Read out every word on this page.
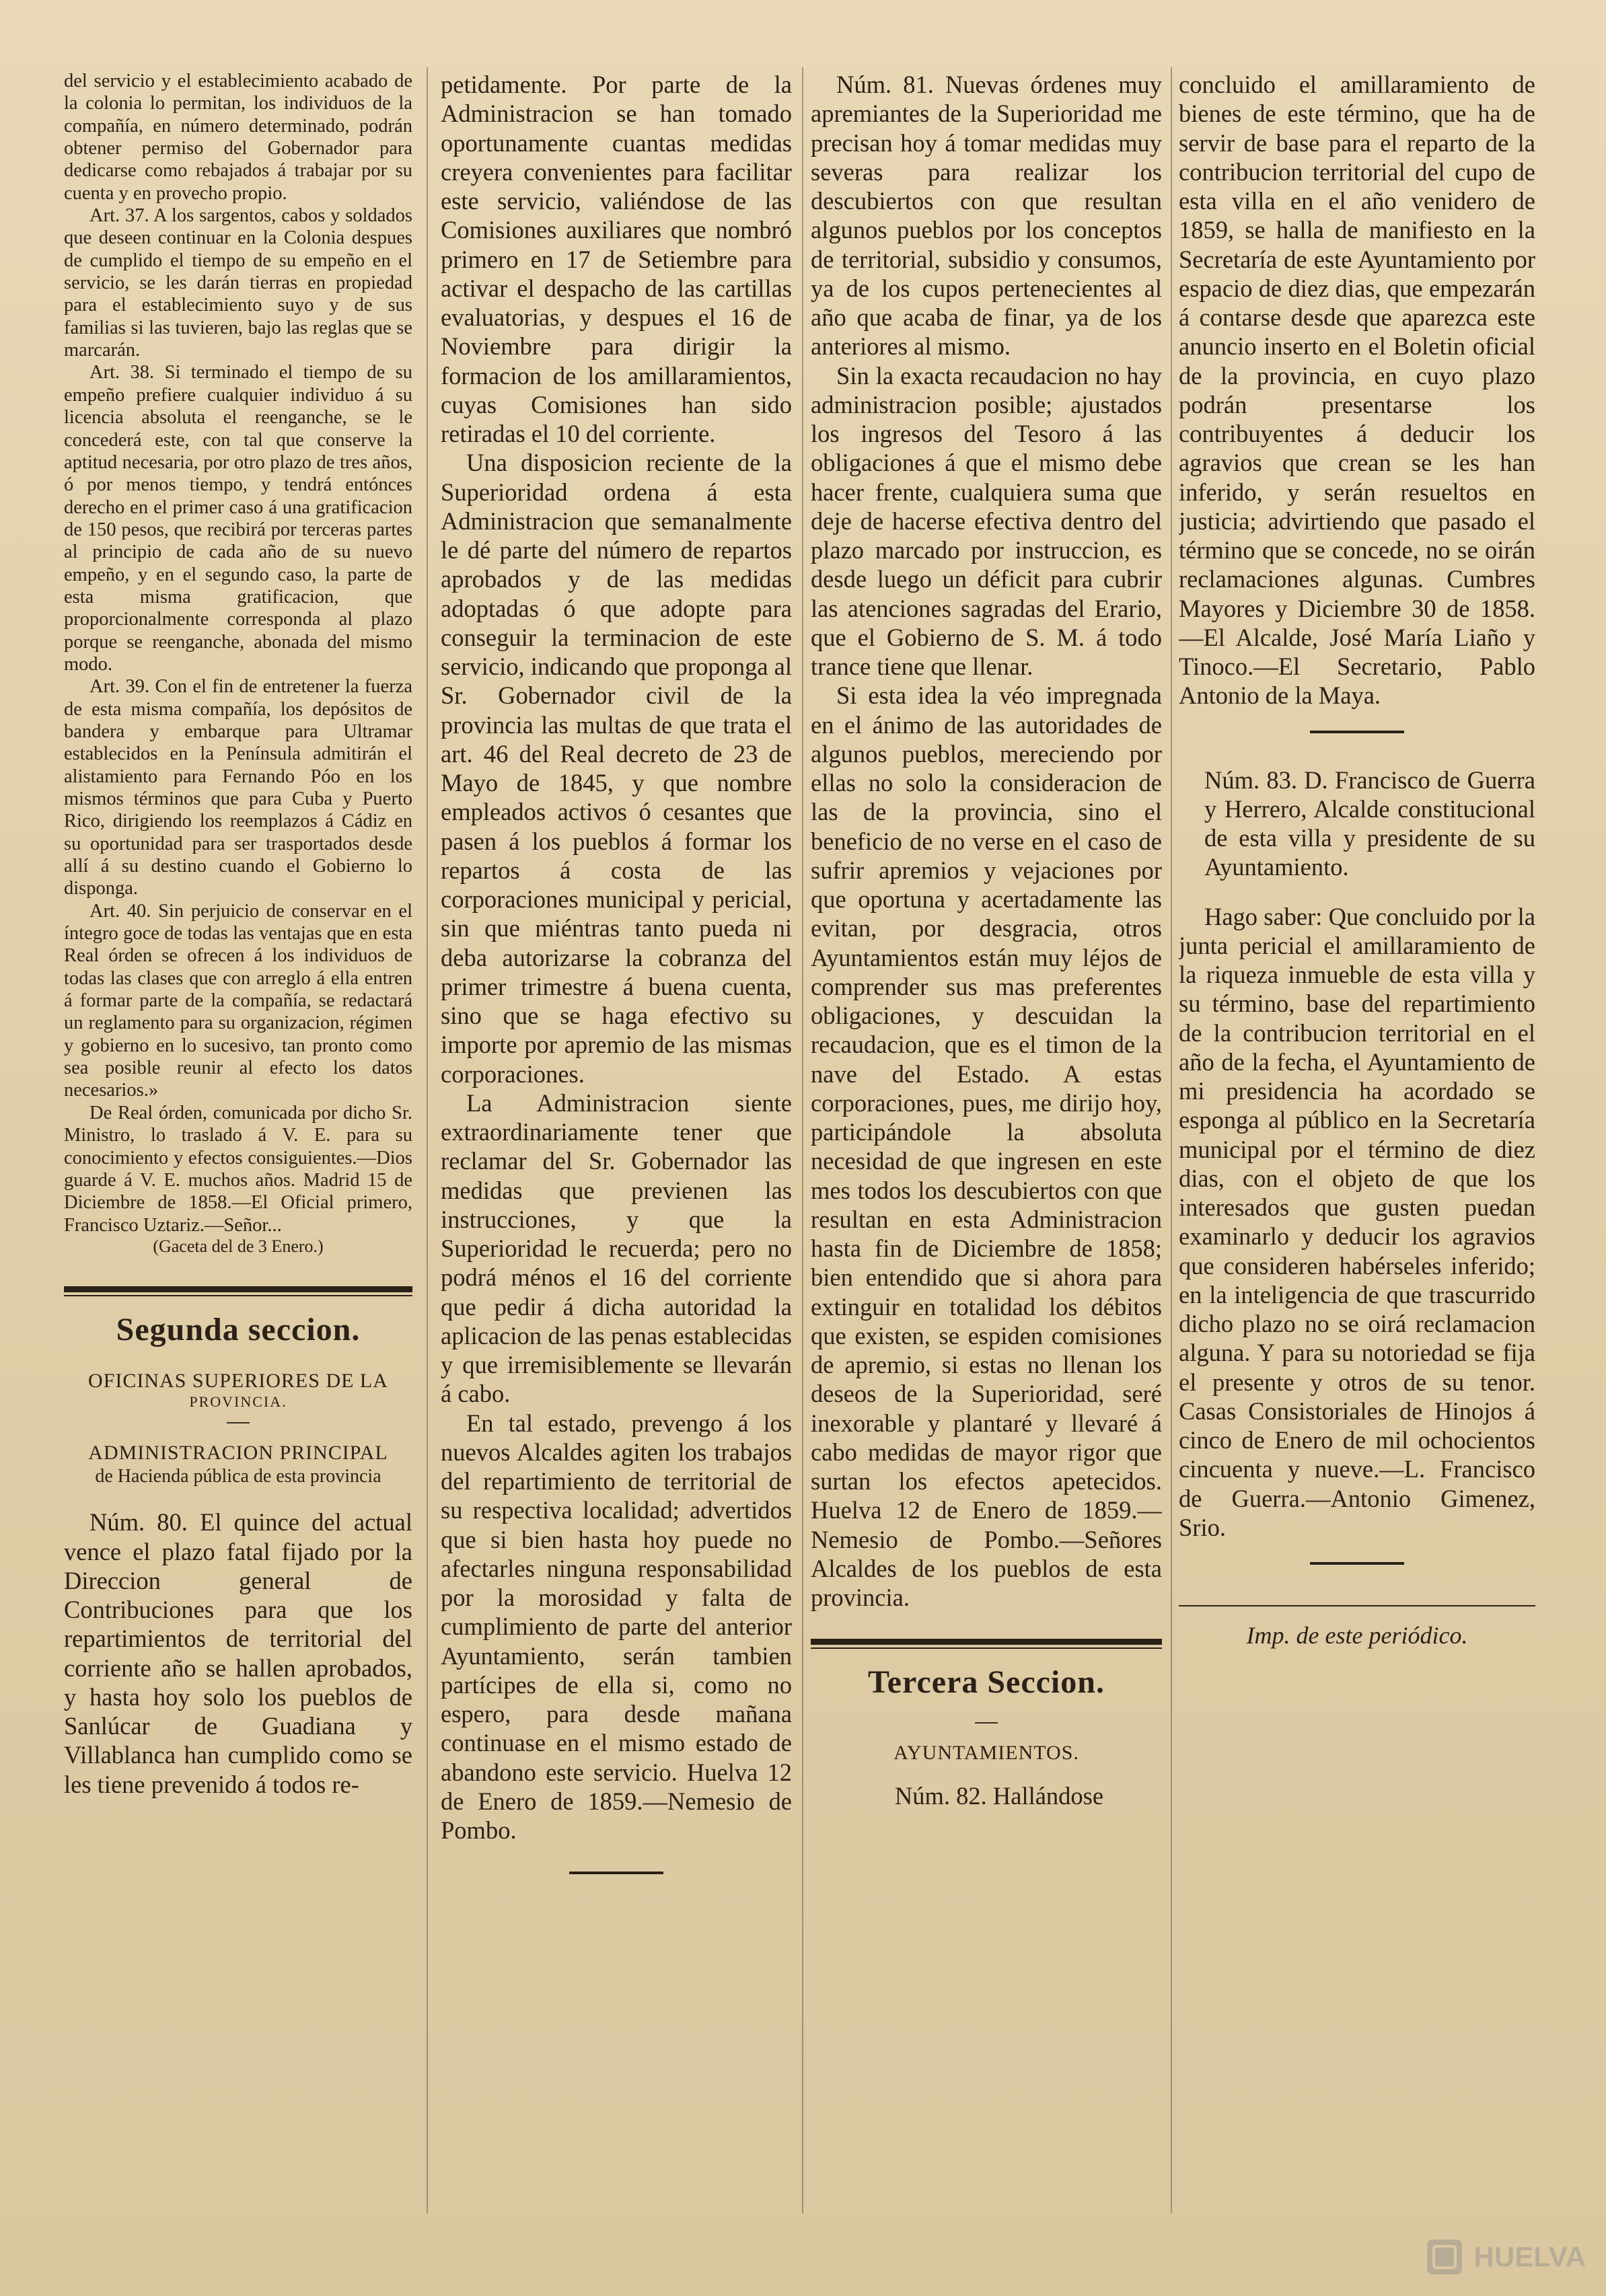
del servicio y el establecimiento acabado de la colonia lo permitan, los individuos de la compañía, en número determinado, podrán obtener permiso del Gobernador para dedicarse como rebajados á trabajar por su cuenta y en provecho propio.

Art. 37. A los sargentos, cabos y soldados que deseen continuar en la Colonia despues de cumplido el tiempo de su empeño en el servicio, se les darán tierras en propiedad para el establecimiento suyo y de sus familias si las tuvieren, bajo las reglas que se marcarán.

Art. 38. Si terminado el tiempo de su empeño prefiere cualquier individuo á su licencia absoluta el reenganche, se le concederá este, con tal que conserve la aptitud necesaria, por otro plazo de tres años, ó por menos tiempo, y tendrá entónces derecho en el primer caso á una gratificacion de 150 pesos, que recibirá por terceras partes al principio de cada año de su nuevo empeño, y en el segundo caso, la parte de esta misma gratificacion, que proporcionalmente corresponda al plazo porque se reenganche, abonada del mismo modo.

Art. 39. Con el fin de entretener la fuerza de esta misma compañía, los depósitos de bandera y embarque para Ultramar establecidos en la Península admitirán el alistamiento para Fernando Póo en los mismos términos que para Cuba y Puerto Rico, dirigiendo los reemplazos á Cádiz en su oportunidad para ser trasportados desde allí á su destino cuando el Gobierno lo disponga.

Art. 40. Sin perjuicio de conservar en el íntegro goce de todas las ventajas que en esta Real órden se ofrecen á los individuos de todas las clases que con arreglo á ella entren á formar parte de la compañía, se redactará un reglamento para su organizacion, régimen y gobierno en lo sucesivo, tan pronto como sea posible reunir al efecto los datos necesarios.»

De Real órden, comunicada por dicho Sr. Ministro, lo traslado á V. E. para su conocimiento y efectos consiguientes.—Dios guarde á V. E. muchos años. Madrid 15 de Diciembre de 1858.—El Oficial primero, Francisco Uztariz.—Señor...

(Gaceta del de 3 Enero.)

Segunda seccion.
OFICINAS SUPERIORES DE LA
PROVINCIA.
ADMINISTRACION PRINCIPAL
de Hacienda pública de esta provincia

Núm. 80. El quince del actual vence el plazo fatal fijado por la Direccion general de Contribuciones para que los repartimientos de territorial del corriente año se hallen aprobados, y hasta hoy solo los pueblos de Sanlúcar de Guadiana y Villablanca han cumplido como se les tiene prevenido á todos re-

petidamente. Por parte de la Administracion se han tomado oportunamente cuantas medidas creyera convenientes para facilitar este servicio, valiéndose de las Comisiones auxiliares que nombró primero en 17 de Setiembre para activar el despacho de las cartillas evaluatorias, y despues el 16 de Noviembre para dirigir la formacion de los amillaramientos, cuyas Comisiones han sido retiradas el 10 del corriente.

Una disposicion reciente de la Superioridad ordena á esta Administracion que semanalmente le dé parte del número de repartos aprobados y de las medidas adoptadas ó que adopte para conseguir la terminacion de este servicio, indicando que proponga al Sr. Gobernador civil de la provincia las multas de que trata el art. 46 del Real decreto de 23 de Mayo de 1845, y que nombre empleados activos ó cesantes que pasen á los pueblos á formar los repartos á costa de las corporaciones municipal y pericial, sin que miéntras tanto pueda ni deba autorizarse la cobranza del primer trimestre á buena cuenta, sino que se haga efectivo su importe por apremio de las mismas corporaciones.

La Administracion siente extraordinariamente tener que reclamar del Sr. Gobernador las medidas que previenen las instrucciones, y que la Superioridad le recuerda; pero no podrá ménos el 16 del corriente que pedir á dicha autoridad la aplicacion de las penas establecidas y que irremisiblemente se llevarán á cabo.

En tal estado, prevengo á los nuevos Alcaldes agiten los trabajos del repartimiento de territorial de su respectiva localidad; advertidos que si bien hasta hoy puede no afectarles ninguna responsabilidad por la morosidad y falta de cumplimiento de parte del anterior Ayuntamiento, serán tambien partícipes de ella si, como no espero, para desde mañana continuase en el mismo estado de abandono este servicio. Huelva 12 de Enero de 1859.—Nemesio de Pombo.

Núm. 81. Nuevas órdenes muy apremiantes de la Superioridad me precisan hoy á tomar medidas muy severas para realizar los descubiertos con que resultan algunos pueblos por los conceptos de territorial, subsidio y consumos, ya de los cupos pertenecientes al año que acaba de finar, ya de los anteriores al mismo.

Sin la exacta recaudacion no hay administracion posible; ajustados los ingresos del Tesoro á las obligaciones á que el mismo debe hacer frente, cualquiera suma que deje de hacerse efectiva dentro del plazo marcado por instruccion, es desde luego un déficit para cubrir las atenciones sagradas del Erario, que el Gobierno de S. M. á todo trance tiene que llenar.

Si esta idea la véo impregnada en el ánimo de las autoridades de algunos pueblos, mereciendo por ellas no solo la consideracion de las de la provincia, sino el beneficio de no verse en el caso de sufrir apremios y vejaciones por que oportuna y acertadamente las evitan, por desgracia, otros Ayuntamientos están muy léjos de comprender sus mas preferentes obligaciones, y descuidan la recaudacion, que es el timon de la nave del Estado. A estas corporaciones, pues, me dirijo hoy, participándole la absoluta necesidad de que ingresen en este mes todos los descubiertos con que resultan en esta Administracion hasta fin de Diciembre de 1858; bien entendido que si ahora para extinguir en totalidad los débitos que existen, se espiden comisiones de apremio, si estas no llenan los deseos de la Superioridad, seré inexorable y plantaré y llevaré á cabo medidas de mayor rigor que surtan los efectos apetecidos. Huelva 12 de Enero de 1859.—Nemesio de Pombo.—Señores Alcaldes de los pueblos de esta provincia.

Tercera Seccion.
AYUNTAMIENTOS.

Núm. 82. Hallándose

concluido el amillaramiento de bienes de este término, que ha de servir de base para el reparto de la contribucion territorial del cupo de esta villa en el año venidero de 1859, se halla de manifiesto en la Secretaría de este Ayuntamiento por espacio de diez dias, que empezarán á contarse desde que aparezca este anuncio inserto en el Boletin oficial de la provincia, en cuyo plazo podrán presentarse los contribuyentes á deducir los agravios que crean se les han inferido, y serán resueltos en justicia; advirtiendo que pasado el término que se concede, no se oirán reclamaciones algunas. Cumbres Mayores y Diciembre 30 de 1858.—El Alcalde, José María Liaño y Tinoco.—El Secretario, Pablo Antonio de la Maya.

Núm. 83. D. Francisco de Guerra y Herrero, Alcalde constitucional de esta villa y presidente de su Ayuntamiento.

Hago saber: Que concluido por la junta pericial el amillaramiento de la riqueza inmueble de esta villa y su término, base del repartimiento de la contribucion territorial en el año de la fecha, el Ayuntamiento de mi presidencia ha acordado se esponga al público en la Secretaría municipal por el término de diez dias, con el objeto de que los interesados que gusten puedan examinarlo y deducir los agravios que consideren habérseles inferido; en la inteligencia de que trascurrido dicho plazo no se oirá reclamacion alguna. Y para su notoriedad se fija el presente y otros de su tenor. Casas Consistoriales de Hinojos á cinco de Enero de mil ochocientos cincuenta y nueve.—L. Francisco de Guerra.—Antonio Gimenez, Srio.

Imp. de este periódico.

HUELVA
